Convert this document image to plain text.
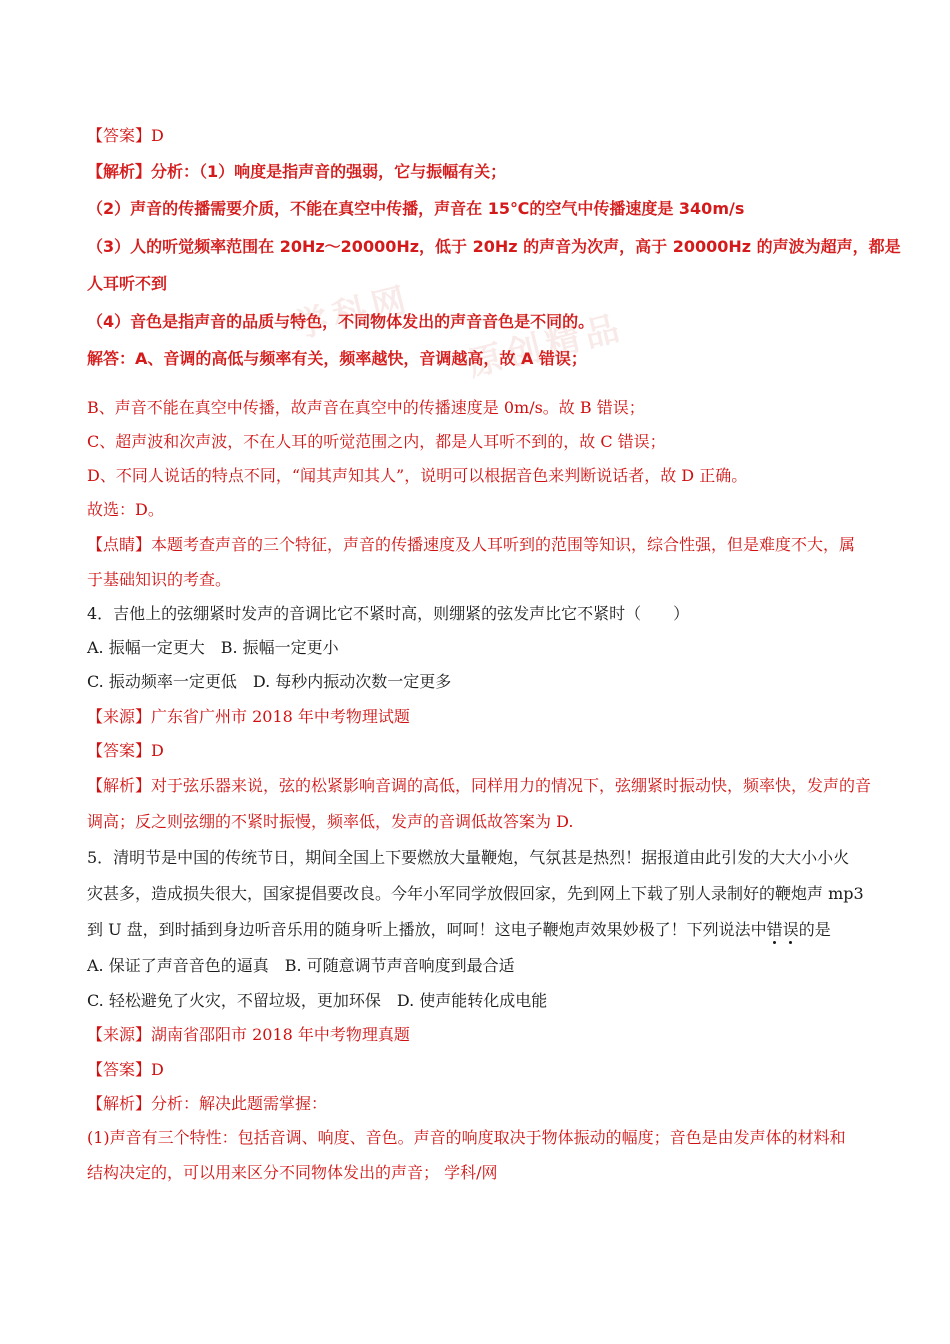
学科网	原创精品
【答案】D
【解析】分析：（1）响度是指声音的强弱，它与振幅有关；
（2）声音的传播需要介质，不能在真空中传播，声音在 15℃的空气中传播速度是 340m/s
（3）人的听觉频率范围在 20Hz～20000Hz，低于 20Hz 的声音为次声，高于 20000Hz 的声波为超声，都是
人耳听不到
（4）音色是指声音的品质与特色，不同物体发出的声音音色是不同的。
解答：A、音调的高低与频率有关，频率越快，音调越高，故 A 错误；
B、声音不能在真空中传播，故声音在真空中的传播速度是 0m/s。故 B 错误；
C、超声波和次声波，不在人耳的听觉范围之内，都是人耳听不到的，故 C 错误；
D、不同人说话的特点不同，“闻其声知其人”，说明可以根据音色来判断说话者，故 D 正确。
故选：D。
【点睛】本题考查声音的三个特征，声音的传播速度及人耳听到的范围等知识，综合性强，但是难度不大，属
于基础知识的考查。
4．吉他上的弦绷紧时发声的音调比它不紧时高，则绷紧的弦发声比它不紧时（　　）
A. 振幅一定更大　B. 振幅一定更小
C. 振动频率一定更低　D. 每秒内振动次数一定更多
【来源】广东省广州市 2018 年中考物理试题
【答案】D
【解析】对于弦乐器来说，弦的松紧影响音调的高低，同样用力的情况下，弦绷紧时振动快，频率快，发声的音
调高；反之则弦绷的不紧时振慢，频率低，发声的音调低故答案为 D.
5．清明节是中国的传统节日，期间全国上下要燃放大量鞭炮，气氛甚是热烈！据报道由此引发的大大小小火
灾甚多，造成损失很大，国家提倡要改良。今年小军同学放假回家，先到网上下载了别人录制好的鞭炮声 mp3
到 U 盘，到时插到身边听音乐用的随身听上播放，呵呵！这电子鞭炮声效果妙极了！下列说法中错误的是
A. 保证了声音音色的逼真　B. 可随意调节声音响度到最合适
C. 轻松避免了火灾，不留垃圾，更加环保　D. 使声能转化成电能
【来源】湖南省邵阳市 2018 年中考物理真题
【答案】D
【解析】分析：解决此题需掌握：
(1)声音有三个特性：包括音调、响度、音色。声音的响度取决于物体振动的幅度；音色是由发声体的材料和
结构决定的，可以用来区分不同物体发出的声音； 学科/网
